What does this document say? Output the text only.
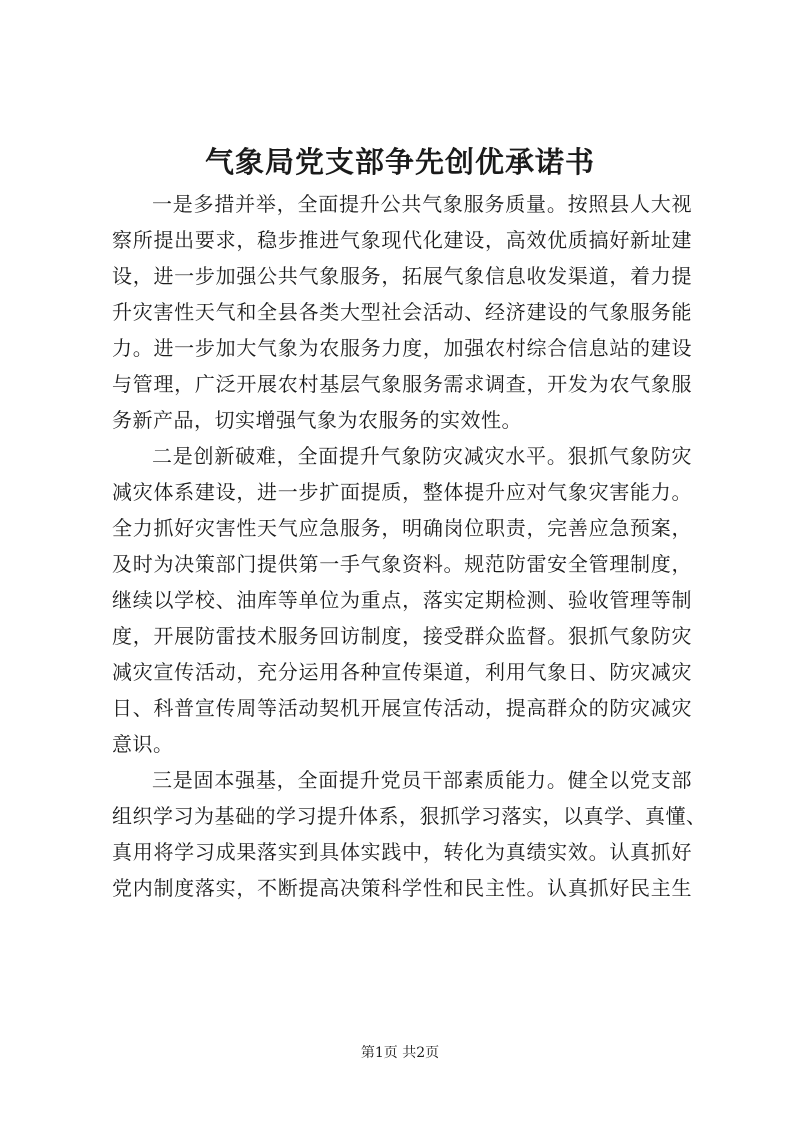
气象局党支部争先创优承诺书

一是多措并举，全面提升公共气象服务质量。按照县人大视

察所提出要求，稳步推进气象现代化建设，高效优质搞好新址建

设，进一步加强公共气象服务，拓展气象信息收发渠道，着力提

升灾害性天气和全县各类大型社会活动、经济建设的气象服务能

力。进一步加大气象为农服务力度，加强农村综合信息站的建设

与管理，广泛开展农村基层气象服务需求调查，开发为农气象服

务新产品，切实增强气象为农服务的实效性。

二是创新破难，全面提升气象防灾减灾水平。狠抓气象防灾

减灾体系建设，进一步扩面提质，整体提升应对气象灾害能力。

全力抓好灾害性天气应急服务，明确岗位职责，完善应急预案，

及时为决策部门提供第一手气象资料。规范防雷安全管理制度，

继续以学校、油库等单位为重点，落实定期检测、验收管理等制

度，开展防雷技术服务回访制度，接受群众监督。狠抓气象防灾

减灾宣传活动，充分运用各种宣传渠道，利用气象日、防灾减灾

日、科普宣传周等活动契机开展宣传活动，提高群众的防灾减灾

意识。

三是固本强基，全面提升党员干部素质能力。健全以党支部

组织学习为基础的学习提升体系，狠抓学习落实，以真学、真懂、

真用将学习成果落实到具体实践中，转化为真绩实效。认真抓好

党内制度落实，不断提高决策科学性和民主性。认真抓好民主生

第1页 共2页
